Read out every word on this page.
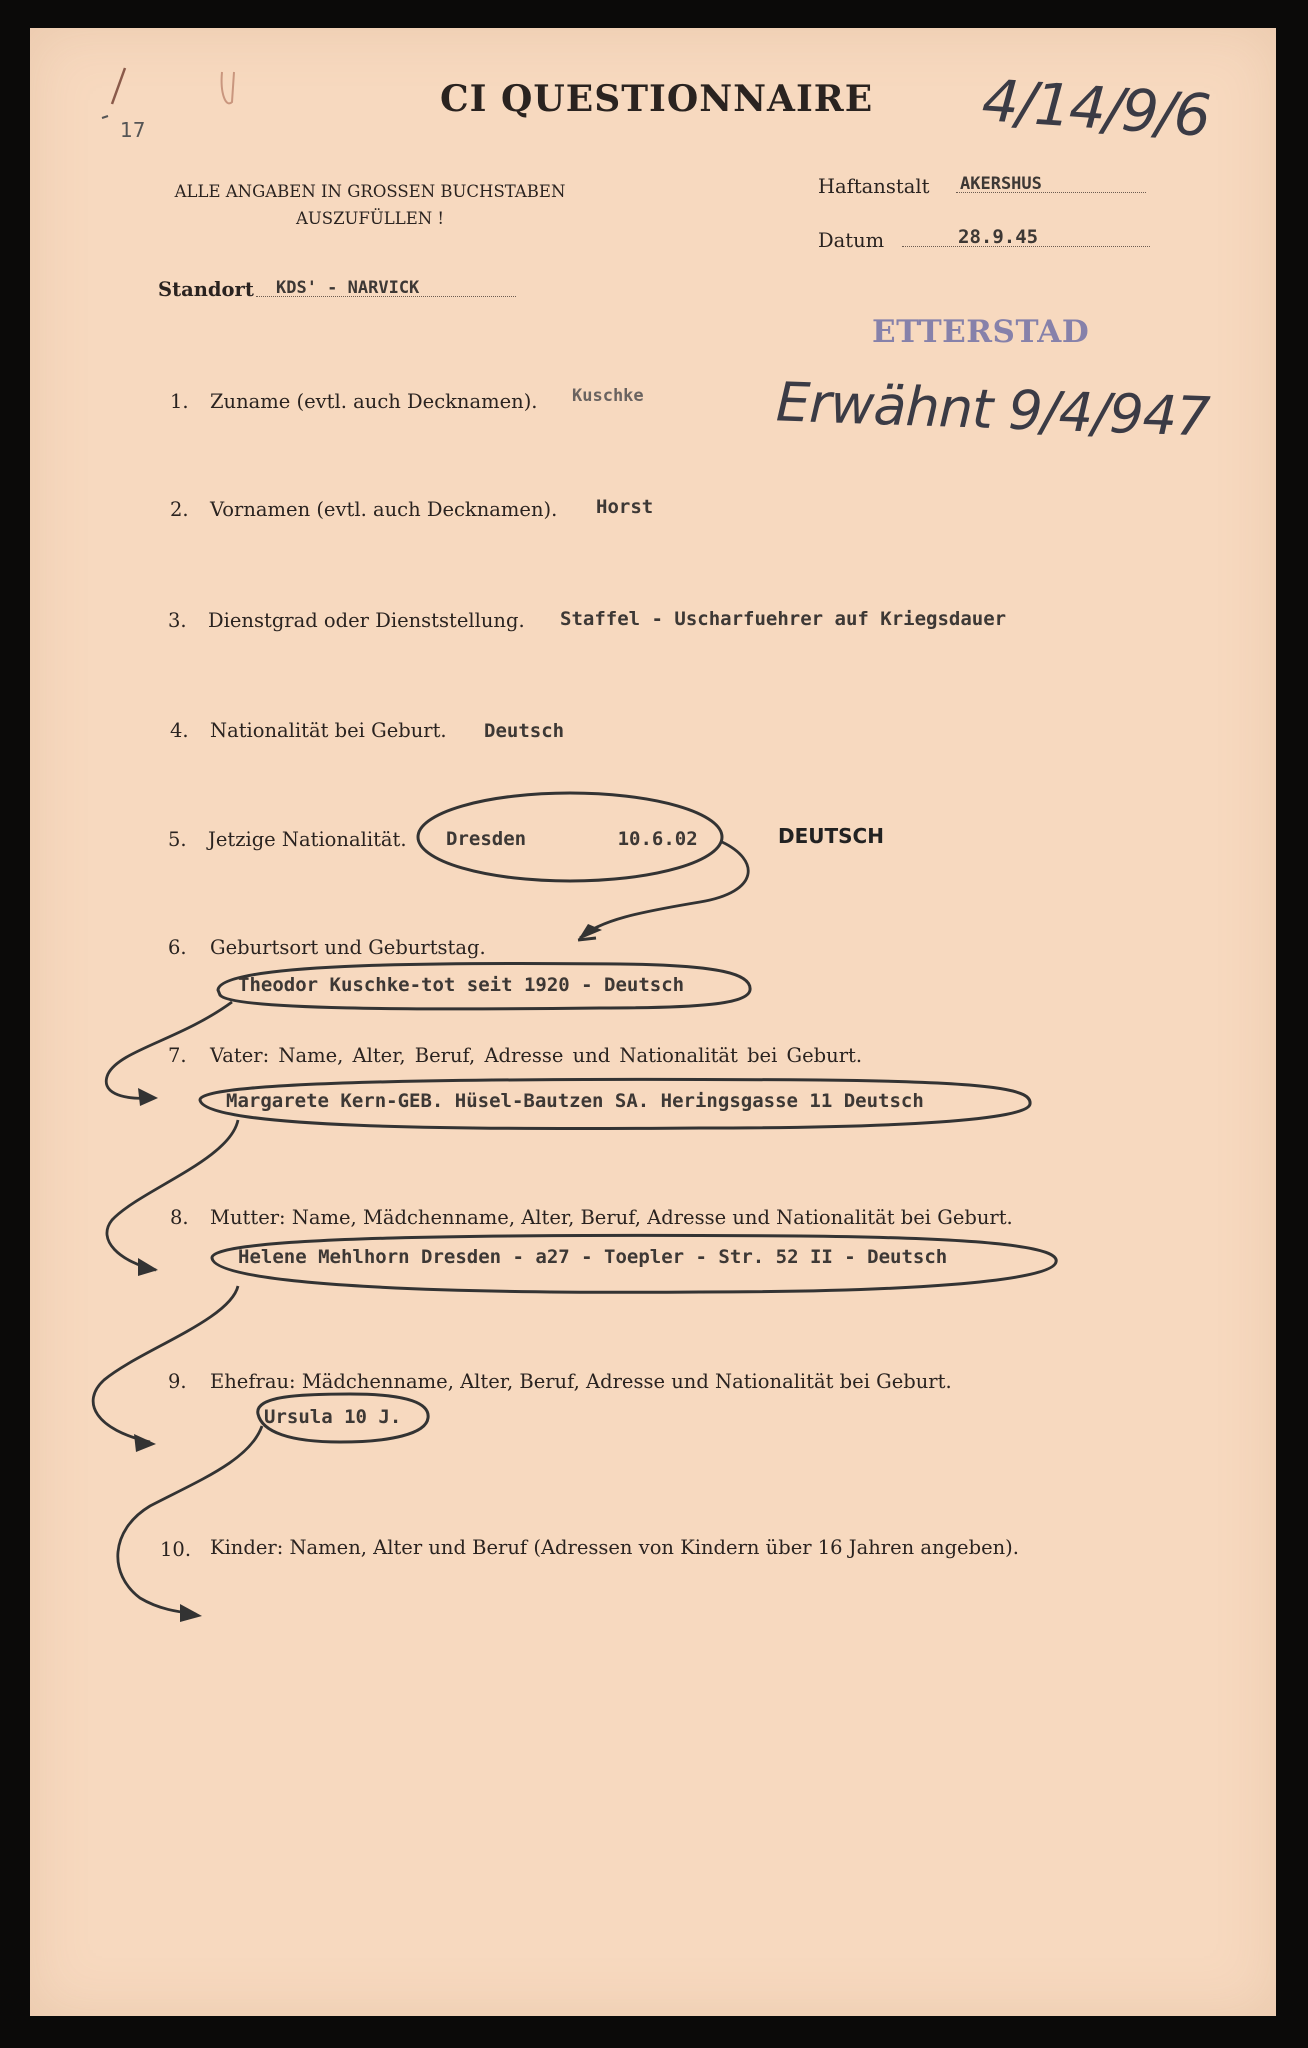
17	4/14/9/6
CI QUESTIONNAIRE
ALLE ANGABEN IN GROSSEN BUCHSTABEN AUSZUFÜLLEN !
Haftanstalt AKERSHUS
Datum	28.9.45
Standort KDS' - NARVICK
ETTERSTAD
Erwähnt 9/4/947
1. Zuname (evtl. auch Decknamen). Kuschke
2. Vornamen (evtl. auch Decknamen). Horst
3. Dienstgrad oder Dienststellung. Staffel - Uscharfuehrer auf Kriegsdauer
4. Nationalität bei Geburt. Deutsch
5. Jetzige Nationalität. Dresden        10.6.02	DEUTSCH
6. Geburtsort und Geburtstag.
Theodor Kuschke-tot seit 1920 - Deutsch
7. Vater: Name, Alter, Beruf, Adresse und Nationalität bei Geburt.
Margarete Kern-GEB. Hüsel-Bautzen SA. Heringsgasse 11 Deutsch
8. Mutter: Name, Mädchenname, Alter, Beruf, Adresse und Nationalität bei Geburt.
Helene Mehlhorn Dresden - a27 - Toepler - Str. 52 II - Deutsch
9. Ehefrau: Mädchenname, Alter, Beruf, Adresse und Nationalität bei Geburt.
Ursula 10 J.
10. Kinder: Namen, Alter und Beruf (Adressen von Kindern über 16 Jahren angeben).
